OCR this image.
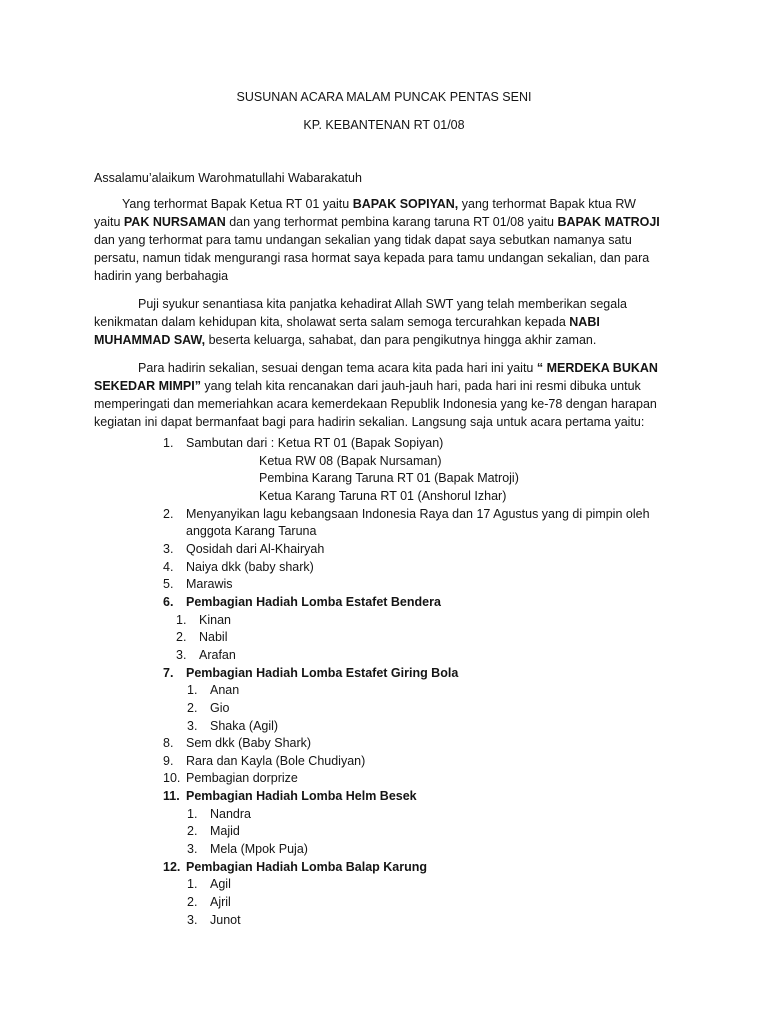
SUSUNAN ACARA MALAM PUNCAK PENTAS SENI
KP. KEBANTENAN RT 01/08
Assalamu’alaikum Warohmatullahi Wabarakatuh
Yang terhormat Bapak Ketua RT 01 yaitu BAPAK SOPIYAN, yang terhormat Bapak ktua RW
yaitu PAK NURSAMAN dan yang terhormat pembina karang taruna RT 01/08 yaitu BAPAK MATROJI
dan yang terhormat para tamu undangan sekalian yang tidak dapat saya sebutkan namanya satu
persatu, namun tidak mengurangi rasa hormat saya kepada para tamu undangan sekalian, dan para
hadirin yang berbahagia
Puji syukur senantiasa kita panjatka kehadirat Allah SWT yang telah memberikan segala
kenikmatan dalam kehidupan kita, sholawat serta salam semoga tercurahkan kepada NABI
MUHAMMAD SAW, beserta keluarga, sahabat, dan para pengikutnya hingga akhir zaman.
Para hadirin sekalian, sesuai dengan tema acara kita pada hari ini yaitu “ MERDEKA BUKAN
SEKEDAR MIMPI” yang telah kita rencanakan dari jauh-jauh hari, pada hari ini resmi dibuka untuk
memperingati dan memeriahkan acara kemerdekaan Republik Indonesia yang ke-78 dengan harapan
kegiatan ini dapat bermanfaat bagi para hadirin sekalian. Langsung saja untuk acara pertama yaitu:
1. Sambutan dari : Ketua RT 01 (Bapak Sopiyan)
Ketua RW 08 (Bapak Nursaman)
Pembina Karang Taruna RT 01 (Bapak Matroji)
Ketua Karang Taruna RT 01 (Anshorul Izhar)
2. Menyanyikan lagu kebangsaan Indonesia Raya dan 17 Agustus yang di pimpin oleh
anggota Karang Taruna
3. Qosidah dari Al-Khairyah
4. Naiya dkk (baby shark)
5. Marawis
6. Pembagian Hadiah Lomba Estafet Bendera
1. Kinan
2. Nabil
3. Arafan
7. Pembagian Hadiah Lomba Estafet Giring Bola
1. Anan
2. Gio
3. Shaka (Agil)
8. Sem dkk (Baby Shark)
9. Rara dan Kayla (Bole Chudiyan)
10. Pembagian dorprize
11. Pembagian Hadiah Lomba Helm Besek
1. Nandra
2. Majid
3. Mela (Mpok Puja)
12. Pembagian Hadiah Lomba Balap Karung
1. Agil
2. Ajril
3. Junot
